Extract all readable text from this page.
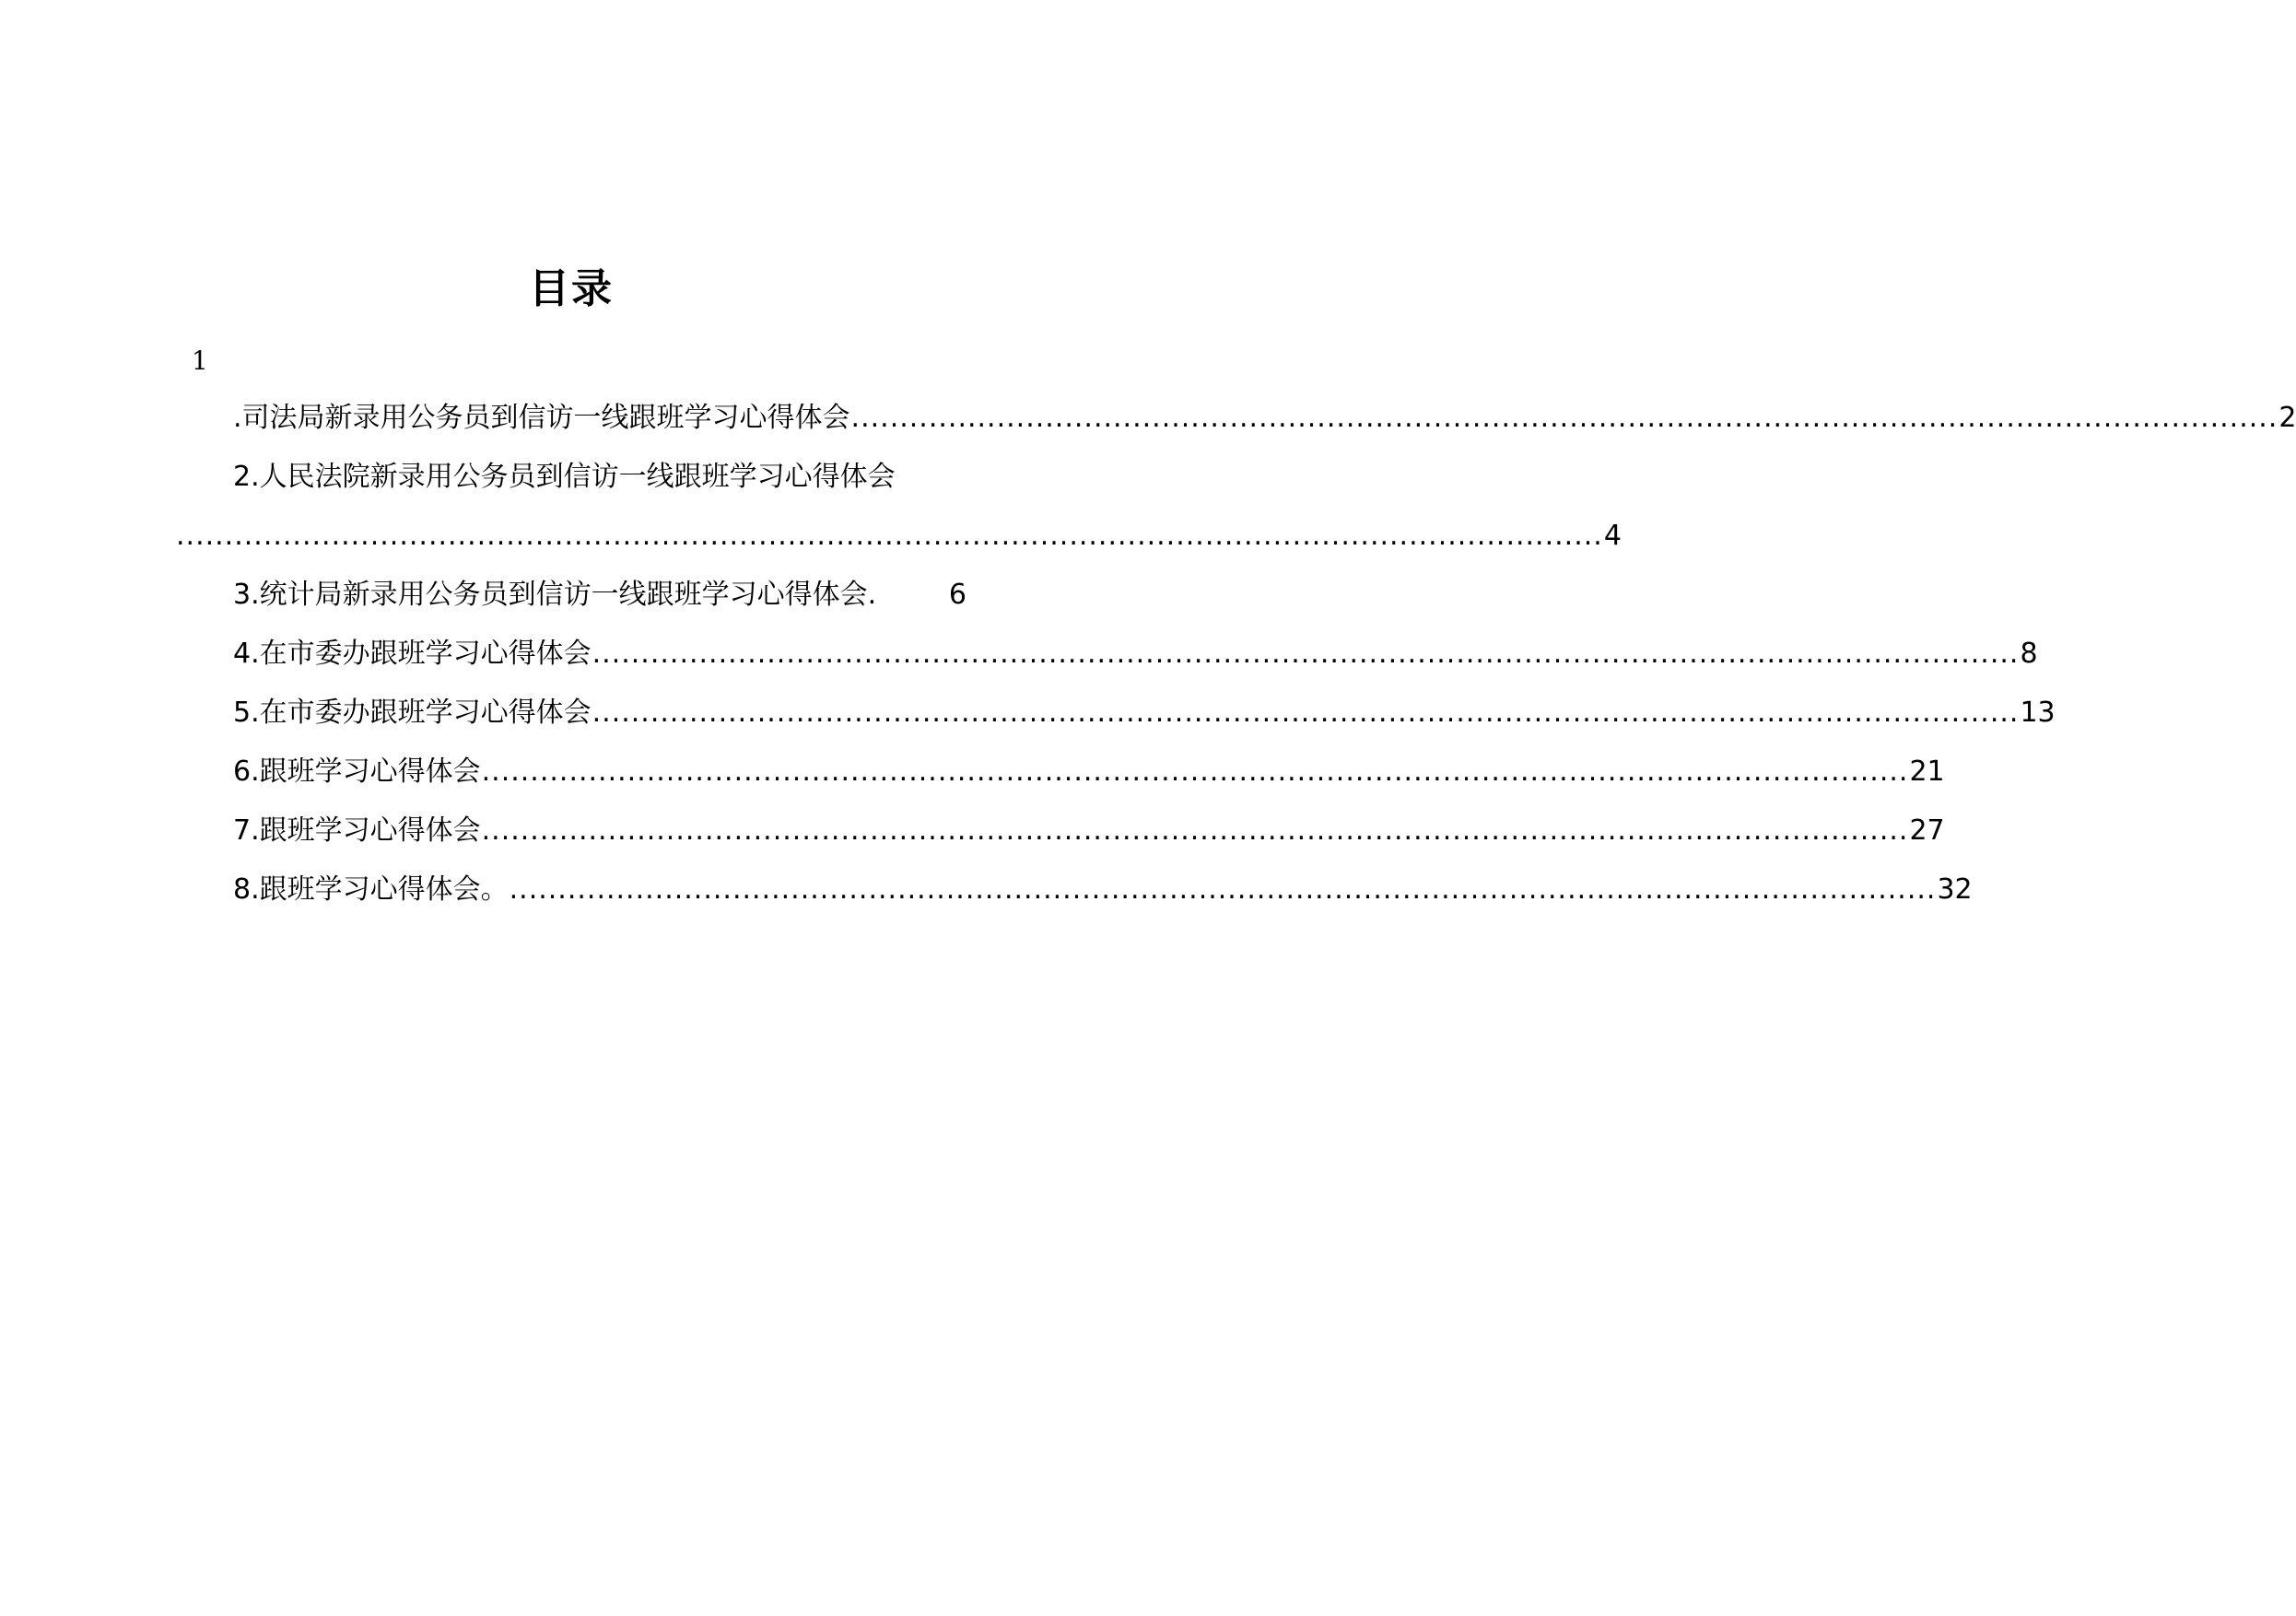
目录
1
.司法局新录用公务员到信访一线跟班学习心得体会 ................................................................................................................................................... 2
2.人民法院新录用公务员到信访一线跟班学习心得体会
................................................................................................................................................... 4
3.统计局新录用公务员到信访一线跟班学习心得体会.	6
4.在市委办跟班学习心得体会 ................................................................................................................................................... 8
5.在市委办跟班学习心得体会 ................................................................................................................................................... 13
6.跟班学习心得体会 ................................................................................................................................................... 21
7.跟班学习心得体会 ................................................................................................................................................... 27
8.跟班学习心得体会。 ................................................................................................................................................... 32
